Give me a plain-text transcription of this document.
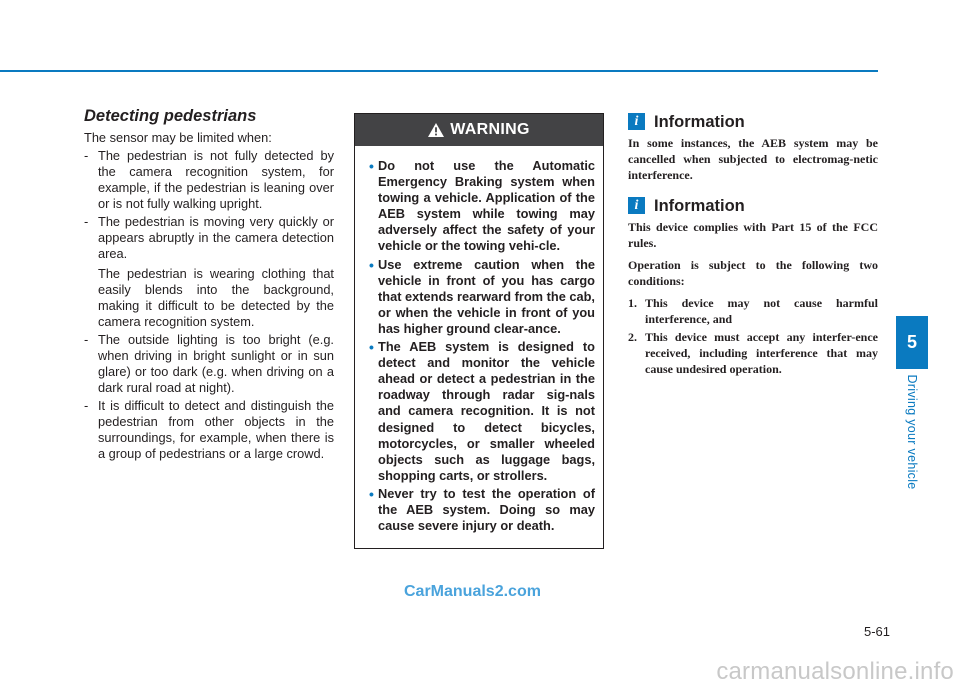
Detecting pedestrians
The sensor may be limited when:
- The pedestrian is not fully detected by the camera recognition system, for example, if the pedestrian is leaning over or is not fully walking upright.
- The pedestrian is moving very quickly or appears abruptly in the camera detection area.
The pedestrian is wearing clothing that easily blends into the background, making it difficult to be detected by the camera recognition system.
- The outside lighting is too bright (e.g. when driving in bright sunlight or in sun glare) or too dark (e.g. when driving on a dark rural road at night).
- It is difficult to detect and distinguish the pedestrian from other objects in the surroundings, for example, when there is a group of pedestrians or a large crowd.
WARNING
• Do not use the Automatic Emergency Braking system when towing a vehicle. Application of the AEB system while towing may adversely affect the safety of your vehicle or the towing vehi-cle.
• Use extreme caution when the vehicle in front of you has cargo that extends rearward from the cab, or when the vehicle in front of you has higher ground clear-ance.
• The AEB system is designed to detect and monitor the vehicle ahead or detect a pedestrian in the roadway through radar sig-nals and camera recognition. It is not designed to detect bicycles, motorcycles, or smaller wheeled objects such as luggage bags, shopping carts, or strollers.
• Never try to test the operation of the AEB system. Doing so may cause severe injury or death.
i Information
In some instances, the AEB system may be cancelled when subjected to electromag-netic interference.
i Information
This device complies with Part 15 of the FCC rules.
Operation is subject to the following two conditions:
1. This device may not cause harmful interference, and
2. This device must accept any interfer-ence received, including interference that may cause undesired operation.
5
Driving your vehicle
5-61
CarManuals2.com
carmanualsonline.info
